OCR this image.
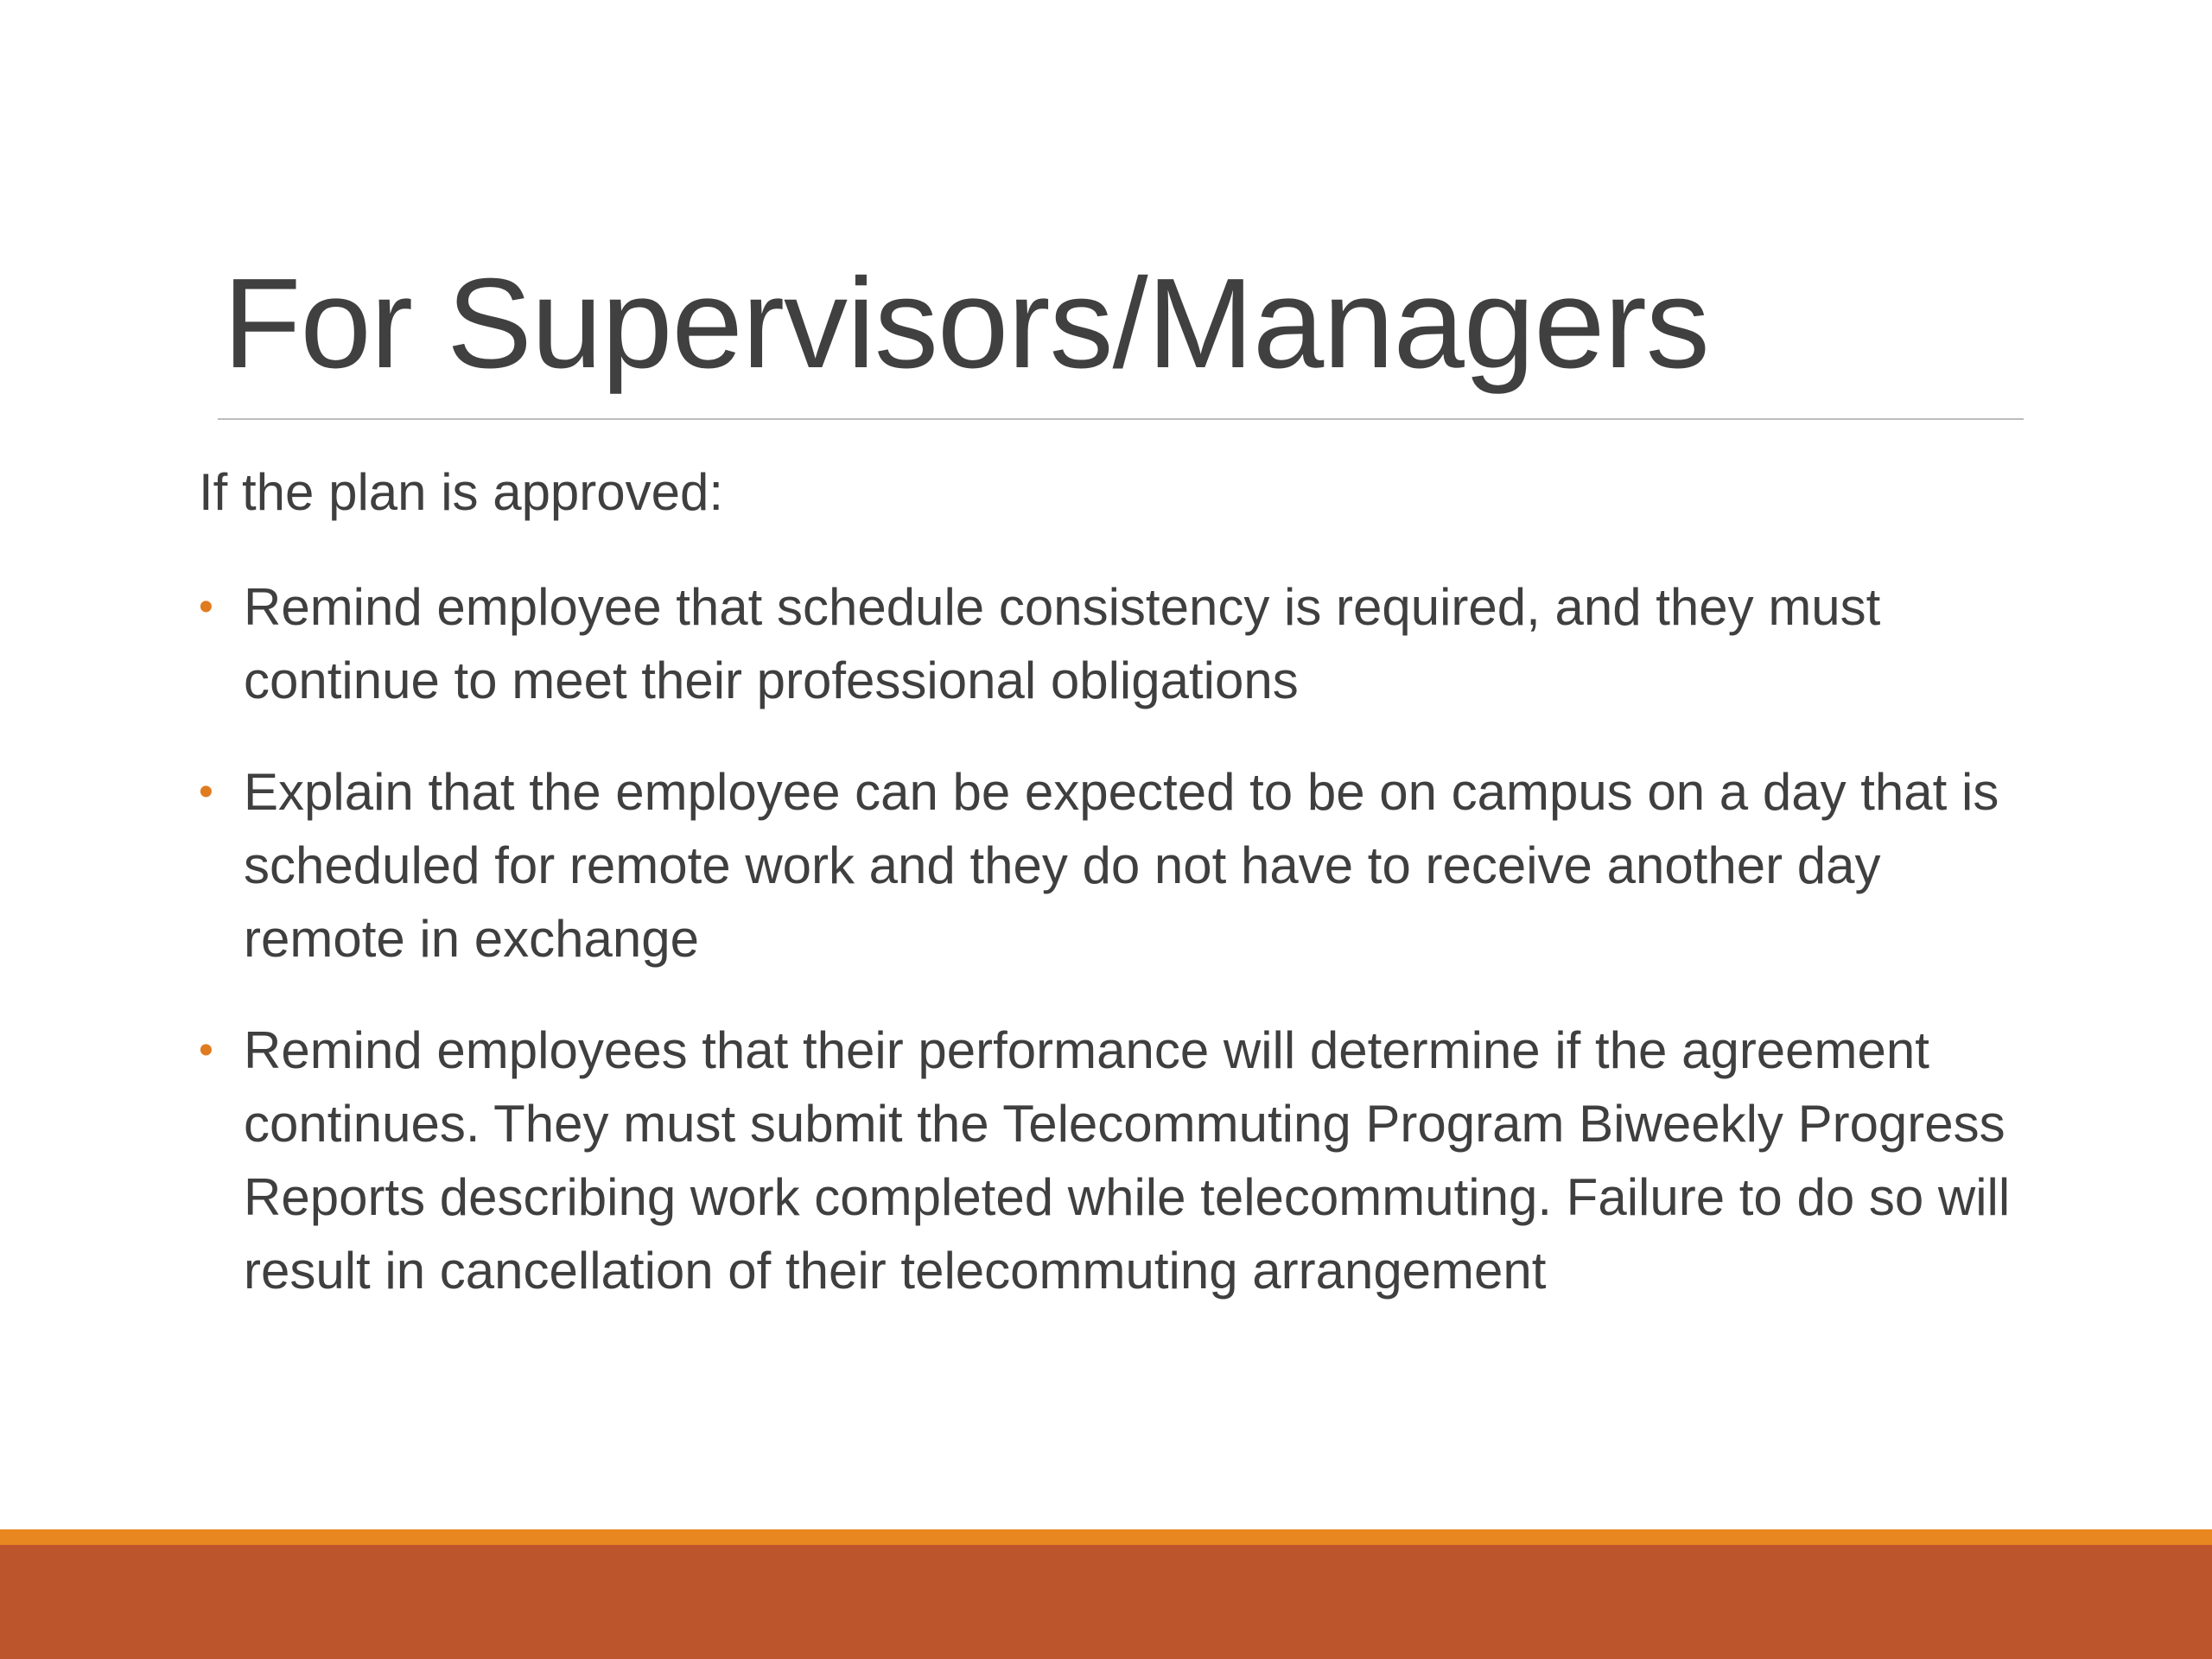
For Supervisors/Managers
If the plan is approved:
• Remind employee that schedule consistency is required, and they must continue to meet their professional obligations
• Explain that the employee can be expected to be on campus on a day that is scheduled for remote work and they do not have to receive another day remote in exchange
• Remind employees that their performance will determine if the agreement continues. They must submit the Telecommuting Program Biweekly Progress Reports describing work completed while telecommuting. Failure to do so will result in cancellation of their telecommuting arrangement
